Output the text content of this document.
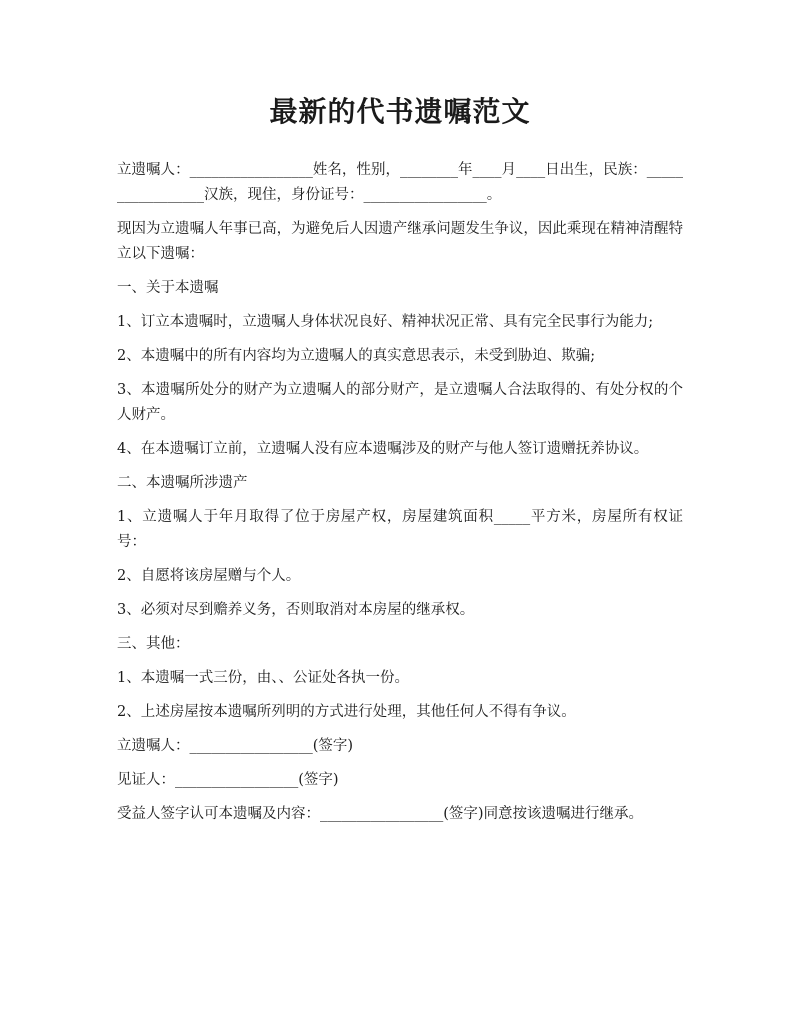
最新的代书遗嘱范文

立遗嘱人：_________________姓名，性别，________年____月____日出生，民族：_________________汉族，现住，身份证号：_________________。

现因为立遗嘱人年事已高，为避免后人因遗产继承问题发生争议，因此乘现在精神清醒特立以下遗嘱：

一、关于本遗嘱

1、订立本遗嘱时，立遗嘱人身体状况良好、精神状况正常、具有完全民事行为能力;

2、本遗嘱中的所有内容均为立遗嘱人的真实意思表示，未受到胁迫、欺骗;

3、本遗嘱所处分的财产为立遗嘱人的部分财产，是立遗嘱人合法取得的、有处分权的个人财产。

4、在本遗嘱订立前，立遗嘱人没有应本遗嘱涉及的财产与他人签订遗赠抚养协议。

二、本遗嘱所涉遗产

1、立遗嘱人于年月取得了位于房屋产权，房屋建筑面积_____平方米，房屋所有权证号：

2、自愿将该房屋赠与个人。

3、必须对尽到赡养义务，否则取消对本房屋的继承权。

三、其他：

1、本遗嘱一式三份，由、、公证处各执一份。

2、上述房屋按本遗嘱所列明的方式进行处理，其他任何人不得有争议。

立遗嘱人：_________________(签字)

见证人：_________________(签字)

受益人签字认可本遗嘱及内容：_________________(签字)同意按该遗嘱进行继承。
